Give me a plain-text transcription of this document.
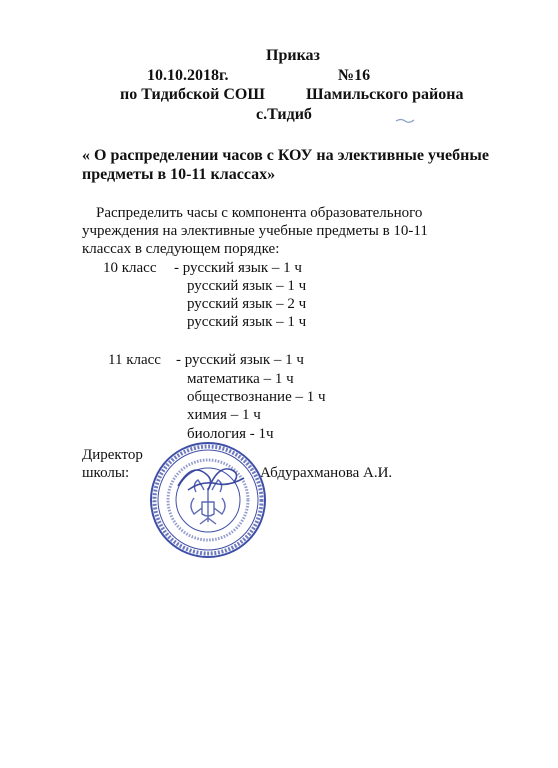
Приказ
10.10.2018г.	№16
по Тидибской СОШ	Шамильского района
с.Тидиб
« О распределении часов с КОУ на элективные учебные
предметы в 10-11 классах»
Распределить часы с компонента образовательного
учреждения на элективные учебные предметы в 10-11
классах в следующем порядке:
10 класс - русский язык – 1 ч
русский язык – 1 ч
русский язык – 2 ч
русский язык – 1 ч
11 класс - русский язык – 1 ч
математика – 1 ч
обществознание – 1 ч
химия – 1 ч
биология - 1ч
Директор
школы:	Абдурахманова А.И.
